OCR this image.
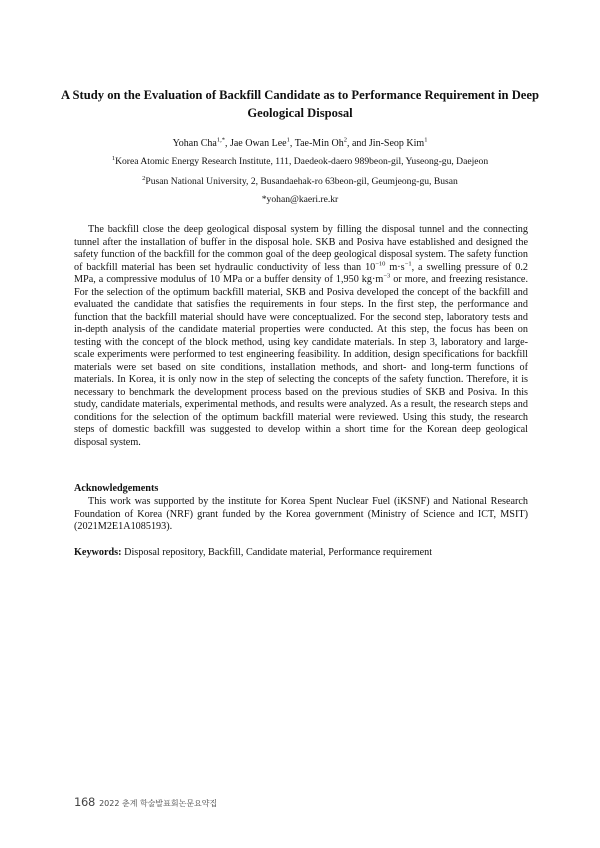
A Study on the Evaluation of Backfill Candidate as to Performance Requirement in Deep Geological Disposal
Yohan Cha$^{1,*}$, Jae Owan Lee$^1$, Tae-Min Oh$^2$, and Jin-Seop Kim$^1$
$^1$Korea Atomic Energy Research Institute, 111, Daedeok-daero 989beon-gil, Yuseong-gu, Daejeon
$^2$Pusan National University, 2, Busandaehak-ro 63beon-gil, Geumjeong-gu, Busan
*yohan@kaeri.re.kr

The backfill close the deep geological disposal system by filling the disposal tunnel and the connecting tunnel after the installation of buffer in the disposal hole. SKB and Posiva have established and designed the safety function of the backfill for the common goal of the deep geological disposal system. The safety function of backfill material has been set hydraulic conductivity of less than $10^{-10}$ $m\cdot s^{-1}$, a swelling pressure of 0.2 MPa, a compressive modulus of 10 MPa or a buffer density of 1,950 $kg\cdot m^{-3}$ or more, and freezing resistance. For the selection of the optimum backfill material, SKB and Posiva developed the concept of the backfill and evaluated the candidate that satisfies the requirements in four steps. In the first step, the performance and function that the backfill material should have were conceptualized. For the second step, laboratory tests and in-depth analysis of the candidate material properties were conducted. At this step, the focus has been on testing with the concept of the block method, using key candidate materials. In step 3, laboratory and large-scale experiments were performed to test engineering feasibility. In addition, design specifications for backfill materials were set based on site conditions, installation methods, and short- and long-term functions of materials. In Korea, it is only now in the step of selecting the concepts of the safety function. Therefore, it is necessary to benchmark the development process based on the previous studies of SKB and Posiva. In this study, candidate materials, experimental methods, and results were analyzed. As a result, the research steps and conditions for the selection of the optimum backfill material were reviewed. Using this study, the research steps of domestic backfill was suggested to develop within a short time for the Korean deep geological disposal system.

Acknowledgements

This work was supported by the institute for Korea Spent Nuclear Fuel (iKSNF) and National Research Foundation of Korea (NRF) grant funded by the Korea government (Ministry of Science and ICT, MSIT) (2021M2E1A1085193).

Keywords: Disposal repository, Backfill, Candidate material, Performance requirement
168 2022 춘계 학술발표회논문요약집
